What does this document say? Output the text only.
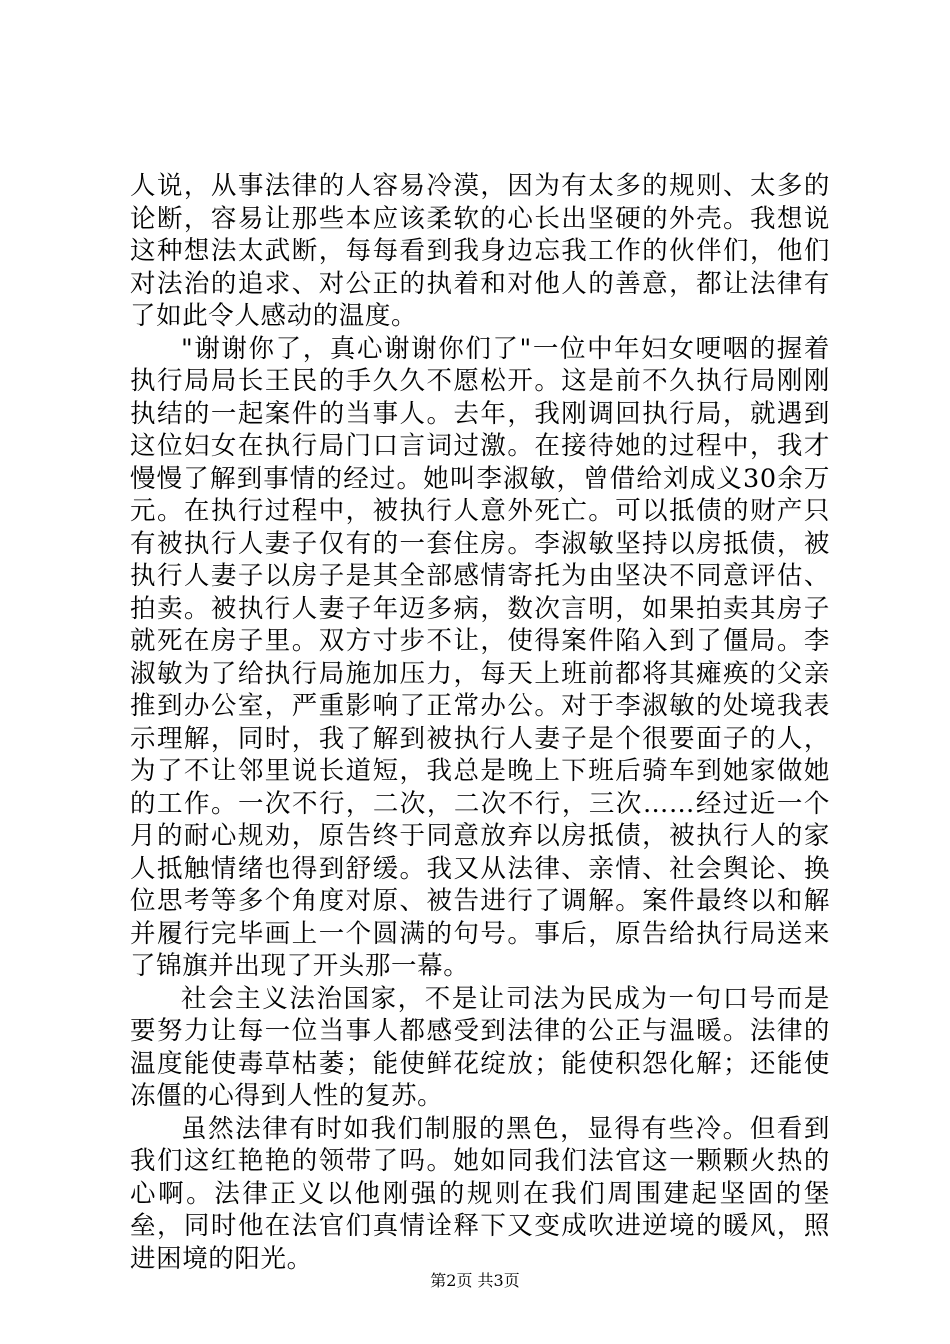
人说，从事法律的人容易冷漠，因为有太多的规则、太多的论断，容易让那些本应该柔软的心长出坚硬的外壳。我想说这种想法太武断，每每看到我身边忘我工作的伙伴们，他们对法治的追求、对公正的执着和对他人的善意，都让法律有了如此令人感动的温度。

"谢谢你了，真心谢谢你们了"一位中年妇女哽咽的握着执行局局长王民的手久久不愿松开。这是前不久执行局刚刚执结的一起案件的当事人。去年，我刚调回执行局，就遇到这位妇女在执行局门口言词过激。在接待她的过程中，我才慢慢了解到事情的经过。她叫李淑敏，曾借给刘成义30余万元。在执行过程中，被执行人意外死亡。可以抵债的财产只有被执行人妻子仅有的一套住房。李淑敏坚持以房抵债，被执行人妻子以房子是其全部感情寄托为由坚决不同意评估、拍卖。被执行人妻子年迈多病，数次言明，如果拍卖其房子就死在房子里。双方寸步不让，使得案件陷入到了僵局。李淑敏为了给执行局施加压力，每天上班前都将其瘫痪的父亲推到办公室，严重影响了正常办公。对于李淑敏的处境我表示理解，同时，我了解到被执行人妻子是个很要面子的人，为了不让邻里说长道短，我总是晚上下班后骑车到她家做她的工作。一次不行，二次，二次不行，三次……经过近一个月的耐心规劝，原告终于同意放弃以房抵债，被执行人的家人抵触情绪也得到舒缓。我又从法律、亲情、社会舆论、换位思考等多个角度对原、被告进行了调解。案件最终以和解并履行完毕画上一个圆满的句号。事后，原告给执行局送来了锦旗并出现了开头那一幕。

社会主义法治国家，不是让司法为民成为一句口号而是要努力让每一位当事人都感受到法律的公正与温暖。法律的温度能使毒草枯萎；能使鲜花绽放；能使积怨化解；还能使冻僵的心得到人性的复苏。

虽然法律有时如我们制服的黑色，显得有些冷。但看到我们这红艳艳的领带了吗。她如同我们法官这一颗颗火热的心啊。法律正义以他刚强的规则在我们周围建起坚固的堡垒，同时他在法官们真情诠释下又变成吹进逆境的暖风，照进困境的阳光。

第2页 共3页
